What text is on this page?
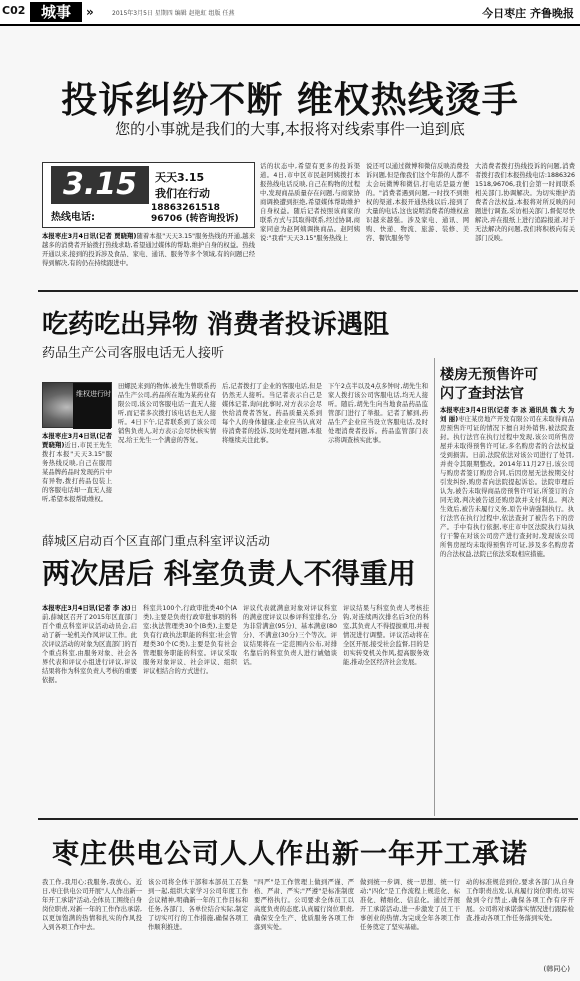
C02	城事	»	2015年3月5日 星期四 编辑 赵艳虹 组版 任燕	今日枣庄 齐鲁晚报
投诉纠纷不断 维权热线烫手
您的小事就是我们的大事,本报将对线索事件一追到底
3.15	天天3.15
我们在行动
热线电话:
18863261518
96706 (转咨询投诉)
本报枣庄3月4日讯(记者 贾晓翔)随着本报"天天3.15"服务热线的开通,越来越多的消费者开始拨打热线求助,希望通过媒体的帮助,维护自身的权益。热线开通以来,接到的投诉涉及食品、家电、通讯、服务等多个领域,有的问题已经得到解决,有的仍在持续跟进中。
话的状态中,希望有更多的投诉渠道。4日,市中区市民赵阿姨拨打本报热线电话反映,自己在购物的过程中,发现商品质量存在问题,与商家协商调换遭到拒绝,希望媒体帮助维护自身权益。随后记者按照该商家的联系方式与其取得联系,经过协调,商家同意为赵阿姨调换商品。赵阿姨说:"我看"天天3.15"服务热线上
说还可以通过微博和微信反映消费投诉问题,但是像我们这个年龄的人都不太会玩微博和微信,打电话是最方便的。"消费者遇到问题,一时找不到维权的渠道,本报开通热线以后,接到了大量的电话,这也说明消费者的维权意识越来越强。涉及家电、通讯、网购、快递、物流、旅游、装修、美容、餐饮服务等
大消费者拨打热线投诉的问题,消费者拨打我们本报热线电话:18863261518,96706,我们会第一时间联系相关部门,协调解决。为切实维护消费者合法权益,本报将对所反映的问题进行调查,采访相关部门,督促尽快解决,并在报纸上进行追踪报道,对于无法解决的问题,我们将积极向有关部门反映。
吃药吃出异物 消费者投诉遇阻
药品生产公司客服电话无人接听
维权进行时 星期一
本报枣庄3月4日讯(记者 贾晓翔)近日,市民王先生拨打本报"天天3.15"服务热线反映,自己在服用某品牌药品时发现药片中有异物,拨打药品包装上的客服电话却一直无人接听,希望本报帮助维权。
田螺民来到的物体,被先生曾联系药品生产公司,药品所在地为某药业有限公司,该公司客服电话一直无人接听,而记者多次拨打该电话也无人接听。4日下午,记者联系到了该公司销售负责人,对方表示会尽快核实情况,给王先生一个满意的答复。
后,记者拨打了企业的客服电话,但是仍然无人接听。当记者表示自己是媒体记者,询问此事时,对方表示会尽快给消费者答复。药品质量关系到每个人的身体健康,企业应当认真对待消费者的投诉,及时处理问题,本报将继续关注此事。
下午2点半以及4点多钟时,胡先生和家人拨打该公司客服电话,均无人接听。随后,胡先生向当地食品药品监管部门进行了举报。记者了解到,药品生产企业应当设立客服电话,及时处理消费者投诉。药品监管部门表示将调查核实此事。
楼房无预售许可
闪了查封法官
本报枣庄3月4日讯(记者 李 冰 通讯员 魏 大 为 刘 丽)枣庄某房地产开发有限公司在未取得商品房预售许可证的情况下擅自对外销售,被法院查封。执行法官在执行过程中发现,该公司所售房屋并未取得预售许可证,多名购房者的合法权益受到损害。日前,法院依法对该公司进行了处罚,并责令其限期整改。2014年11月27日,该公司与购房者签订购房合同,后因房屋无法按期交付引发纠纷,购房者向法院提起诉讼。法院审理后认为,被告未取得商品房预售许可证,所签订的合同无效,判决被告返还购房款并支付利息。判决生效后,被告未履行义务,原告申请强制执行。执行法官在执行过程中,依法查封了被告名下的房产。手中有执行依据,枣庄市中区法院执行局执行干警在对该公司房产进行查封时,发现该公司所售房屋均未取得预售许可证,涉及多名购房者的合法权益,法院已依法采取相应措施。
薛城区启动百个区直部门重点科室评议活动
两次居后 科室负责人不得重用
本报枣庄3月4日讯(记者 李 冰)日前,薛城区召开了2015年区直部门百个重点科室评议活动动员会,启动了新一轮机关作风评议工作。此次评议活动的对象为区直部门的百个重点科室,由服务对象、社会各界代表和评议小组进行评议,评议结果将作为科室负责人考核的重要依据。
科室共100个,行政审批类40个(A类),主要是负责行政审批事项的科室;执法管理类30个(B类),主要是负有行政执法职能的科室;社会管理类30个(C类),主要是负有社会管理服务职能的科室。评议采取服务对象评议、社会评议、组织评议相结合的方式进行。
评议代表就满意对象对评议科室的满意度评议以参评科室排名,分为非常满意(95分)、基本满意(80分)、不满意(30分)三个等次。评议结果将在一定范围内公布,对排名靠后的科室负责人进行诫勉谈话。
评议结果与科室负责人考核挂钩,对连续两次排名后3位的科室,其负责人不得提拔重用,并视情况进行调整。评议活动将在全区开展,接受社会监督,目的是切实转变机关作风,提高服务效能,推动全区经济社会发展。
枣庄供电公司人人作出新一年开工承诺
我工作,我用心;我服务,我放心。近日,枣庄供电公司开展"人人作出新一年开工承诺"活动,全体员工围绕自身岗位职责,对新一年的工作作出承诺,以更加饱满的热情和扎实的作风投入到各项工作中去。
该公司将全体干部和本部员工召集到一起,组织大家学习公司年度工作会议精神,明确新一年的工作目标和任务,各部门、各单位结合实际,制定了切实可行的工作措施,确保各项工作顺利推进。
"四严"是工作管理上做到严谨、严格、严肃、严实;"严遵"是标准制度要严格执行。公司要求全体员工以高度负责的态度,认真履行岗位职责,确保安全生产、优质服务各项工作落到实处。
做到统一步调、统一思想、统一行动;"四化"是工作流程上规范化、标准化、精细化、信息化。通过开展开工承诺活动,进一步激发了员工干事创业的热情,为完成全年各项工作任务奠定了坚实基础。
动的标准规范到位,要求各部门从自身工作职责出发,认真履行岗位职责,切实做到令行禁止,确保各项工作有序开展。公司将对承诺落实情况进行跟踪检查,推动各项工作任务落到实处。
(韩同心)
